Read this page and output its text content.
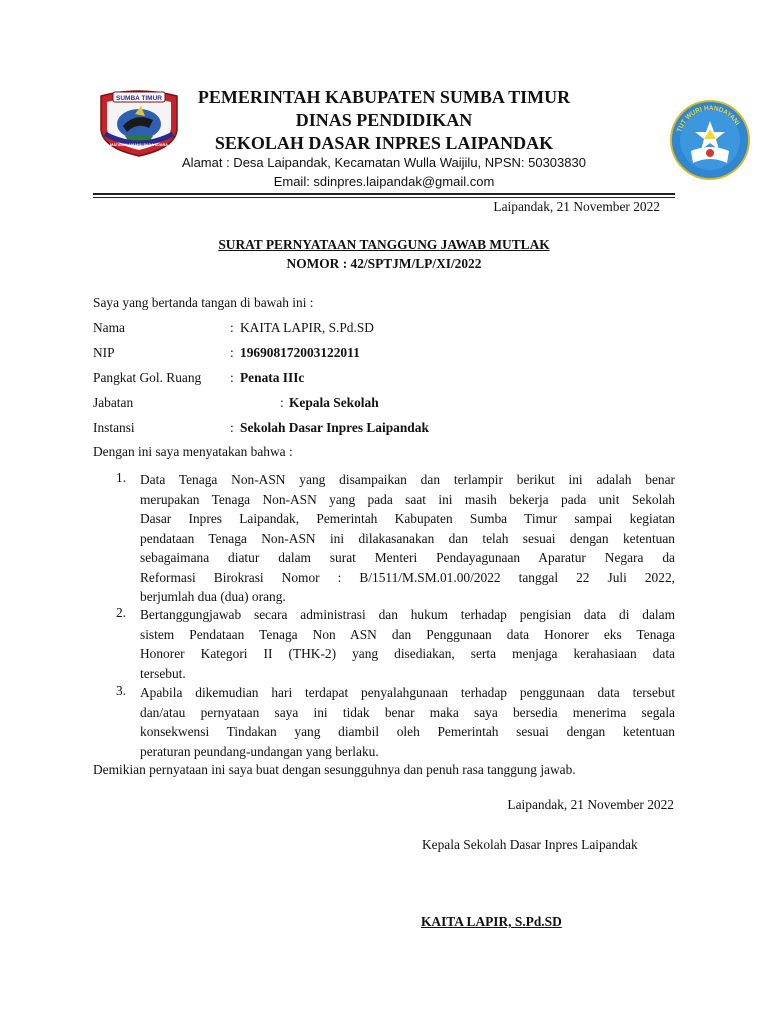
SUMBA TIMUR
MATAWAI AMAHU PADA NJARA
TUT WURI HANDAYANI
PEMERINTAH KABUPATEN SUMBA TIMUR
DINAS PENDIDIKAN
SEKOLAH DASAR INPRES LAIPANDAK
Alamat : Desa Laipandak, Kecamatan Wulla Waijilu, NPSN: 50303830
Email: sdinpres.laipandak@gmail.com
Laipandak, 21 November 2022
SURAT PERNYATAAN TANGGUNG JAWAB MUTLAK
NOMOR : 42/SPTJM/LP/XI/2022
Saya yang bertanda tangan di bawah ini :
Nama	: KAITA LAPIR, S.Pd.SD
NIP	: 196908172003122011
Pangkat Gol. Ruang : Penata IIIc
Jabatan	: Kepala Sekolah
Instansi	: Sekolah Dasar Inpres Laipandak
Dengan ini saya menyatakan bahwa :
1. Data Tenaga Non-ASN yang disampaikan dan terlampir berikut ini adalah benar
merupakan Tenaga Non-ASN yang pada saat ini masih bekerja pada unit Sekolah
Dasar Inpres Laipandak, Pemerintah Kabupaten Sumba Timur sampai kegiatan
pendataan Tenaga Non-ASN ini dilakasanakan dan telah sesuai dengan ketentuan
sebagaimana diatur dalam surat Menteri Pendayagunaan Aparatur Negara da
Reformasi Birokrasi Nomor : B/1511/M.SM.01.00/2022 tanggal 22 Juli 2022,
berjumlah dua (dua) orang.
2. Bertanggungjawab secara administrasi dan hukum terhadap pengisian data di dalam
sistem Pendataan Tenaga Non ASN dan Penggunaan data Honorer eks Tenaga
Honorer Kategori II (THK-2) yang disediakan, serta menjaga kerahasiaan data
tersebut.
3. Apabila dikemudian hari terdapat penyalahgunaan terhadap penggunaan data tersebut
dan/atau pernyataan saya ini tidak benar maka saya bersedia menerima segala
konsekwensi Tindakan yang diambil oleh Pemerintah sesuai dengan ketentuan
peraturan peundang-undangan yang berlaku.
Demikian pernyataan ini saya buat dengan sesungguhnya dan penuh rasa tanggung jawab.
Laipandak, 21 November 2022
Kepala Sekolah Dasar Inpres Laipandak
KAITA LAPIR, S.Pd.SD
